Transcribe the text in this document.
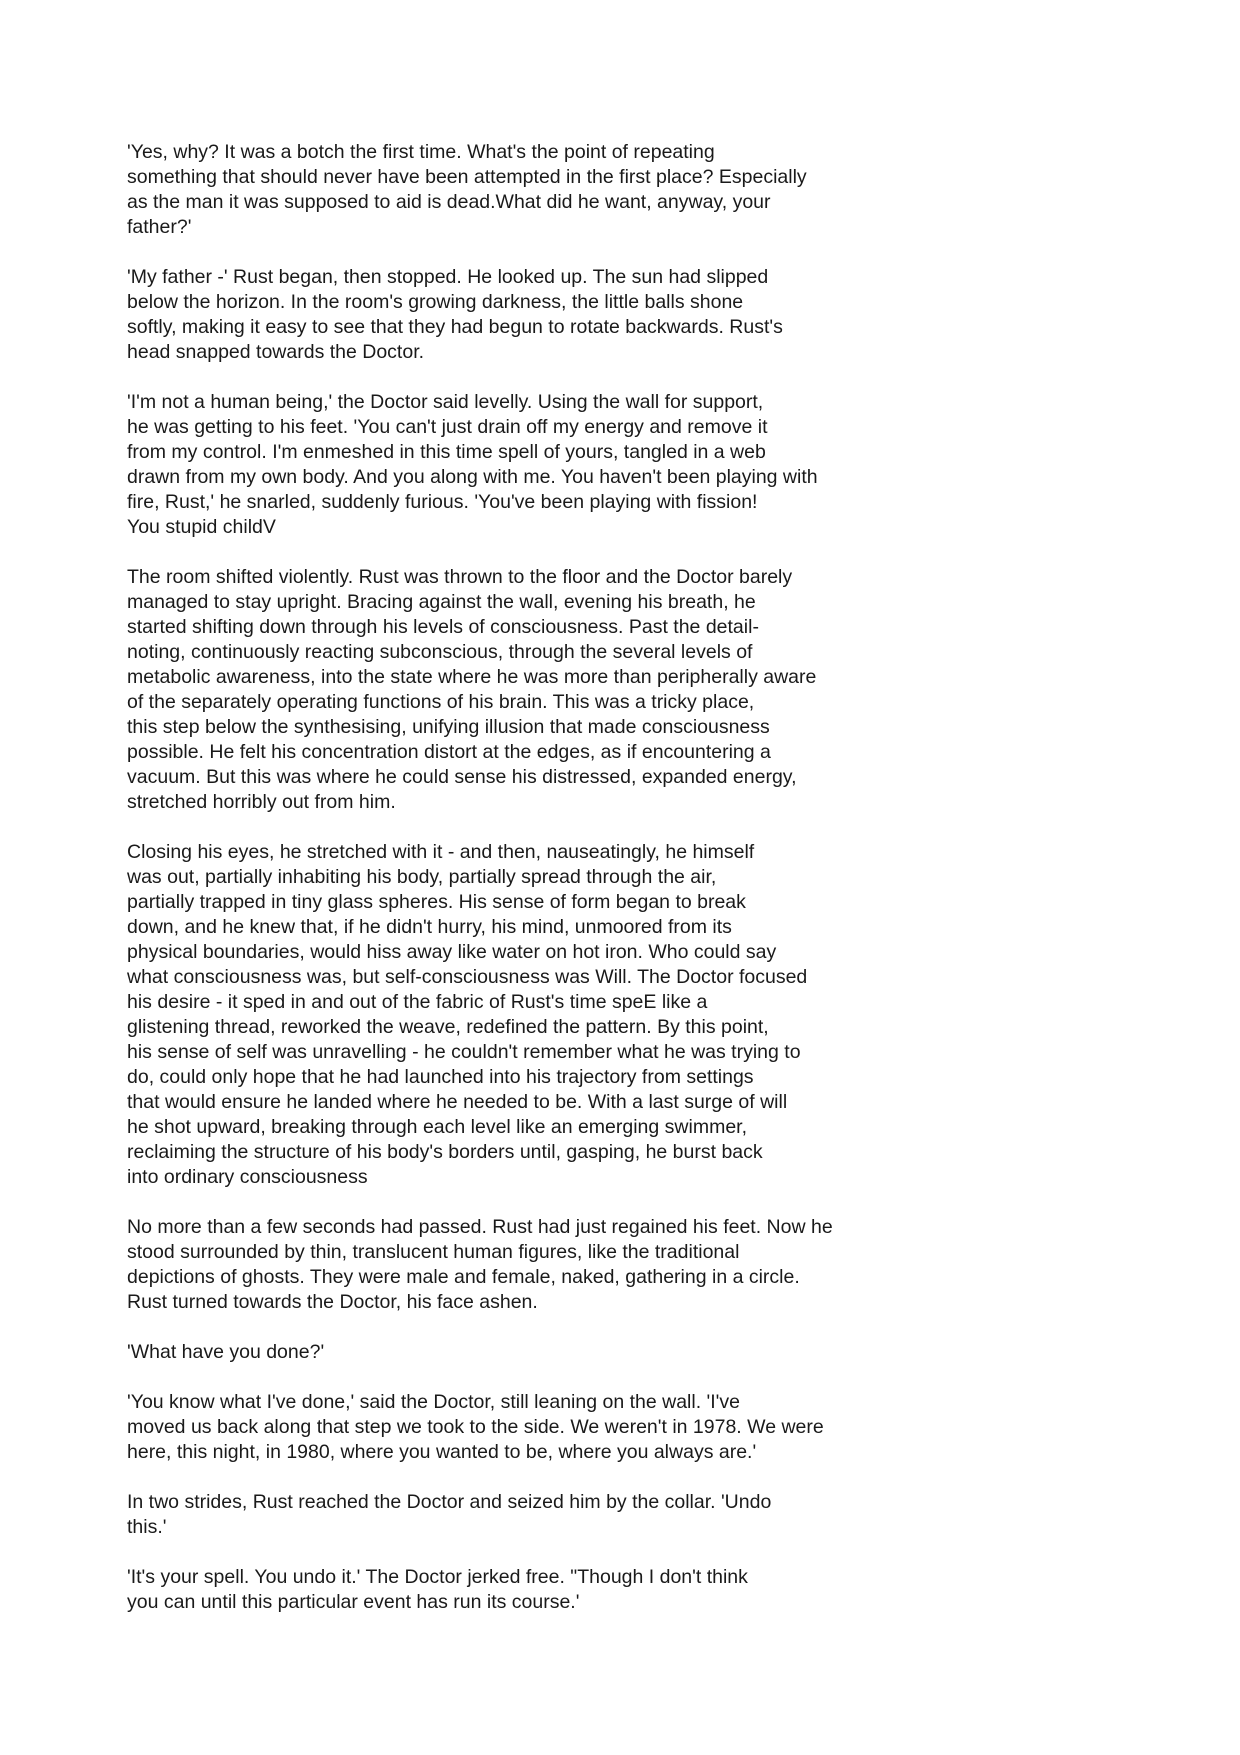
'Yes, why? It was a botch the first time. What's the point of repeating
something that should never have been attempted in the first place? Especially
as the man it was supposed to aid is dead.What did he want, anyway, your
father?'

'My father -' Rust began, then stopped. He looked up. The sun had slipped
below the horizon. In the room's growing darkness, the little balls shone
softly, making it easy to see that they had begun to rotate backwards. Rust's
head snapped towards the Doctor.

'I'm not a human being,' the Doctor said levelly. Using the wall for support,
he was getting to his feet. 'You can't just drain off my energy and remove it
from my control. I'm enmeshed in this time spell of yours, tangled in a web
drawn from my own body. And you along with me. You haven't been playing with
fire, Rust,' he snarled, suddenly furious. 'You've been playing with fission!
You stupid childV

The room shifted violently. Rust was thrown to the floor and the Doctor barely
managed to stay upright. Bracing against the wall, evening his breath, he
started shifting down through his levels of consciousness. Past the detail-
noting, continuously reacting subconscious, through the several levels of
metabolic awareness, into the state where he was more than peripherally aware
of the separately operating functions of his brain. This was a tricky place,
this step below the synthesising, unifying illusion that made consciousness
possible. He felt his concentration distort at the edges, as if encountering a
vacuum. But this was where he could sense his distressed, expanded energy,
stretched horribly out from him.

Closing his eyes, he stretched with it - and then, nauseatingly, he himself
was out, partially inhabiting his body, partially spread through the air,
partially trapped in tiny glass spheres. His sense of form began to break
down, and he knew that, if he didn't hurry, his mind, unmoored from its
physical boundaries, would hiss away like water on hot iron. Who could say
what consciousness was, but self-consciousness was Will. The Doctor focused
his desire - it sped in and out of the fabric of Rust's time speE like a
glistening thread, reworked the weave, redefined the pattern. By this point,
his sense of self was unravelling - he couldn't remember what he was trying to
do, could only hope that he had launched into his trajectory from settings
that would ensure he landed where he needed to be. With a last surge of will
he shot upward, breaking through each level like an emerging swimmer,
reclaiming the structure of his body's borders until, gasping, he burst back
into ordinary consciousness

No more than a few seconds had passed. Rust had just regained his feet. Now he
stood surrounded by thin, translucent human figures, like the traditional
depictions of ghosts. They were male and female, naked, gathering in a circle.
Rust turned towards the Doctor, his face ashen.

'What have you done?'

'You know what I've done,' said the Doctor, still leaning on the wall. 'I've
moved us back along that step we took to the side. We weren't in 1978. We were
here, this night, in 1980, where you wanted to be, where you always are.'

In two strides, Rust reached the Doctor and seized him by the collar. 'Undo
this.'

'It's your spell. You undo it.' The Doctor jerked free. "Though I don't think
you can until this particular event has run its course.'
